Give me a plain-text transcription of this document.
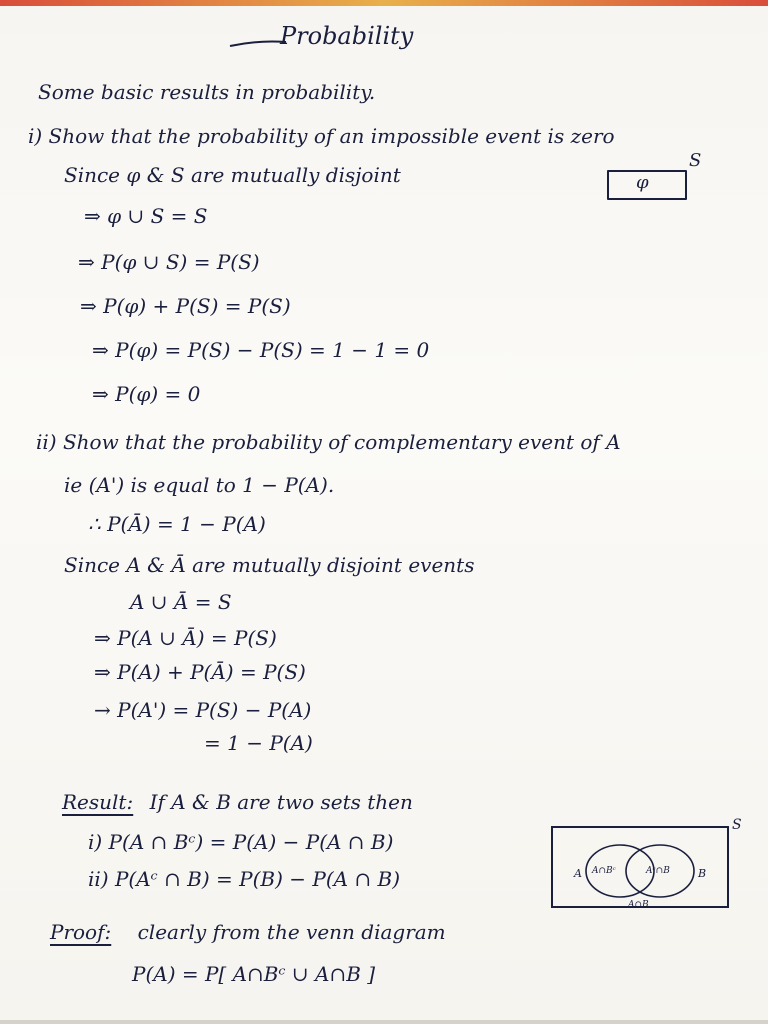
Probability
Some basic results in probability.
i) Show that the probability of an impossible event is zero
Since φ & S are mutually disjoint	φ
S
⇒ φ ∪ S = S
⇒ P(φ ∪ S) = P(S)
⇒ P(φ) + P(S) = P(S)
⇒ P(φ) = P(S) − P(S) = 1 − 1 = 0
⇒ P(φ) = 0
ii) Show that the probability of complementary event of A
ie (A') is equal to 1 − P(A).
∴ P(Ā) = 1 − P(A)
Since A & Ā are mutually disjoint events
A ∪ Ā = S
⇒ P(A ∪ Ā) = P(S)
⇒ P(A) + P(Ā) = P(S)
→ P(A') = P(S) − P(A)
= 1 − P(A)
Result: If A & B are two sets then
i) P(A ∩ Bᶜ) = P(A) − P(A ∩ B)
ii) P(Aᶜ ∩ B) = P(B) − P(A ∩ B)
S
A	B
A∩Bᶜ	Aᶜ∩B
A∩B
Proof: clearly from the venn diagram
P(A) = P[ A∩Bᶜ ∪ A∩B ]
